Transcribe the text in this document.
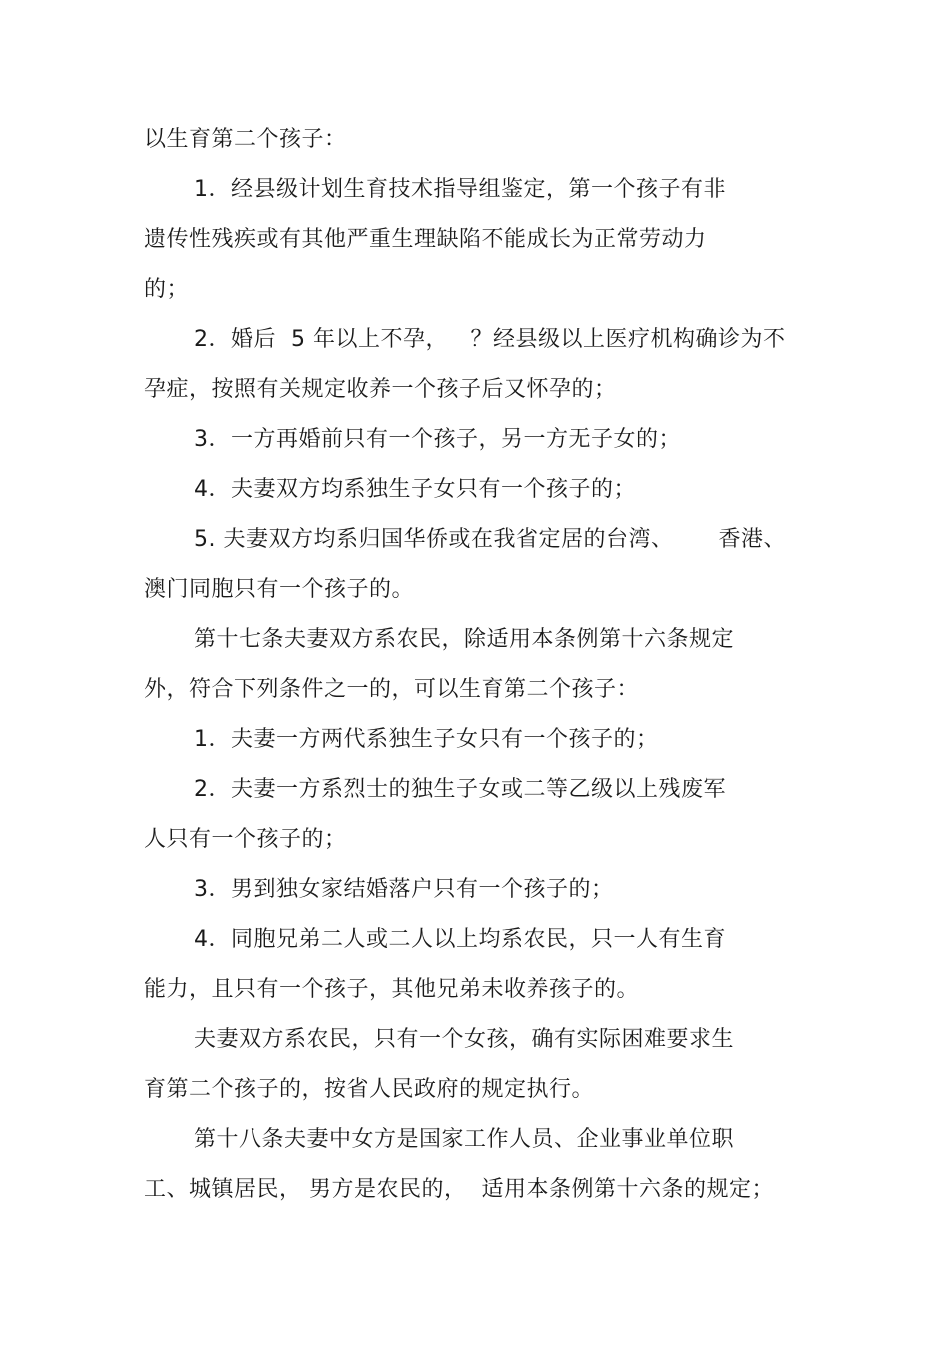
以生育第二个孩子：
1．经县级计划生育技术指导组鉴定，第一个孩子有非
遗传性残疾或有其他严重生理缺陷不能成长为正常劳动力
的；
2．婚后  5 年以上不孕，   ？经县级以上医疗机构确诊为不
孕症，按照有关规定收养一个孩子后又怀孕的；
3．一方再婚前只有一个孩子，另一方无子女的；
4．夫妻双方均系独生子女只有一个孩子的；
5. 夫妻双方均系归国华侨或在我省定居的台湾、      香港、
澳门同胞只有一个孩子的。
第十七条夫妻双方系农民，除适用本条例第十六条规定
外，符合下列条件之一的，可以生育第二个孩子：
1．夫妻一方两代系独生子女只有一个孩子的；
2．夫妻一方系烈士的独生子女或二等乙级以上残废军
人只有一个孩子的；
3．男到独女家结婚落户只有一个孩子的；
4．同胞兄弟二人或二人以上均系农民，只一人有生育
能力，且只有一个孩子，其他兄弟未收养孩子的。
夫妻双方系农民，只有一个女孩，确有实际困难要求生
育第二个孩子的，按省人民政府的规定执行。
第十八条夫妻中女方是国家工作人员、企业事业单位职
工、城镇居民， 男方是农民的，  适用本条例第十六条的规定；
